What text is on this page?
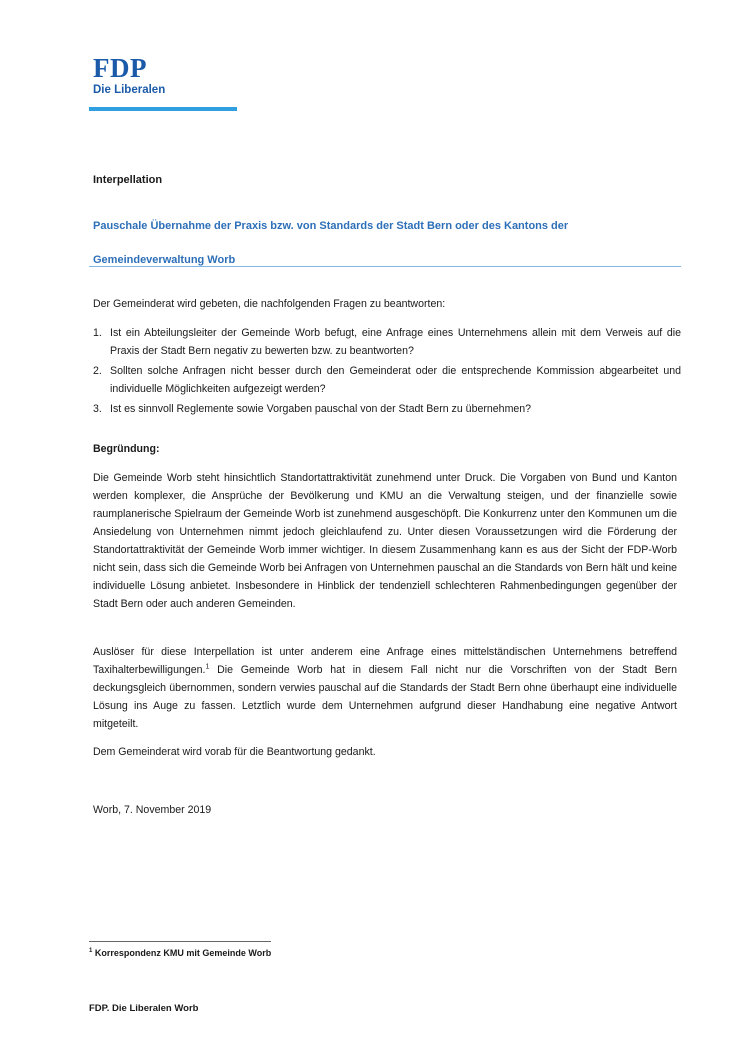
FDP
Die Liberalen
Interpellation
Pauschale Übernahme der Praxis bzw. von Standards der Stadt Bern oder des Kantons der
Gemeindeverwaltung Worb
Der Gemeinderat wird gebeten, die nachfolgenden Fragen zu beantworten:
1. Ist ein Abteilungsleiter der Gemeinde Worb befugt, eine Anfrage eines Unternehmens allein mit dem Verweis auf die Praxis der Stadt Bern negativ zu bewerten bzw. zu beantworten?
2. Sollten solche Anfragen nicht besser durch den Gemeinderat oder die entsprechende Kommission abgearbeitet und individuelle Möglichkeiten aufgezeigt werden?
3. Ist es sinnvoll Reglemente sowie Vorgaben pauschal von der Stadt Bern zu übernehmen?
Begründung:
Die Gemeinde Worb steht hinsichtlich Standortattraktivität zunehmend unter Druck. Die Vorgaben von Bund und Kanton werden komplexer, die Ansprüche der Bevölkerung und KMU an die Verwaltung steigen, und der finanzielle sowie raumplanerische Spielraum der Gemeinde Worb ist zunehmend ausgeschöpft. Die Konkurrenz unter den Kommunen um die Ansiedelung von Unternehmen nimmt jedoch gleichlaufend zu. Unter diesen Voraussetzungen wird die Förderung der Standortattraktivität der Gemeinde Worb immer wichtiger. In diesem Zusammenhang kann es aus der Sicht der FDP-Worb nicht sein, dass sich die Gemeinde Worb bei Anfragen von Unternehmen pauschal an die Standards von Bern hält und keine individuelle Lösung anbietet. Insbesondere in Hinblick der tendenziell schlechteren Rahmenbedingungen gegenüber der Stadt Bern oder auch anderen Gemeinden.
Auslöser für diese Interpellation ist unter anderem eine Anfrage eines mittelständischen Unternehmens betreffend Taxihalterbewilligungen.$^1$ Die Gemeinde Worb hat in diesem Fall nicht nur die Vorschriften von der Stadt Bern deckungsgleich übernommen, sondern verwies pauschal auf die Standards der Stadt Bern ohne überhaupt eine individuelle Lösung ins Auge zu fassen. Letztlich wurde dem Unternehmen aufgrund dieser Handhabung eine negative Antwort mitgeteilt.
Dem Gemeinderat wird vorab für die Beantwortung gedankt.
Worb, 7. November 2019
$^1$ Korrespondenz KMU mit Gemeinde Worb
FDP. Die Liberalen Worb
